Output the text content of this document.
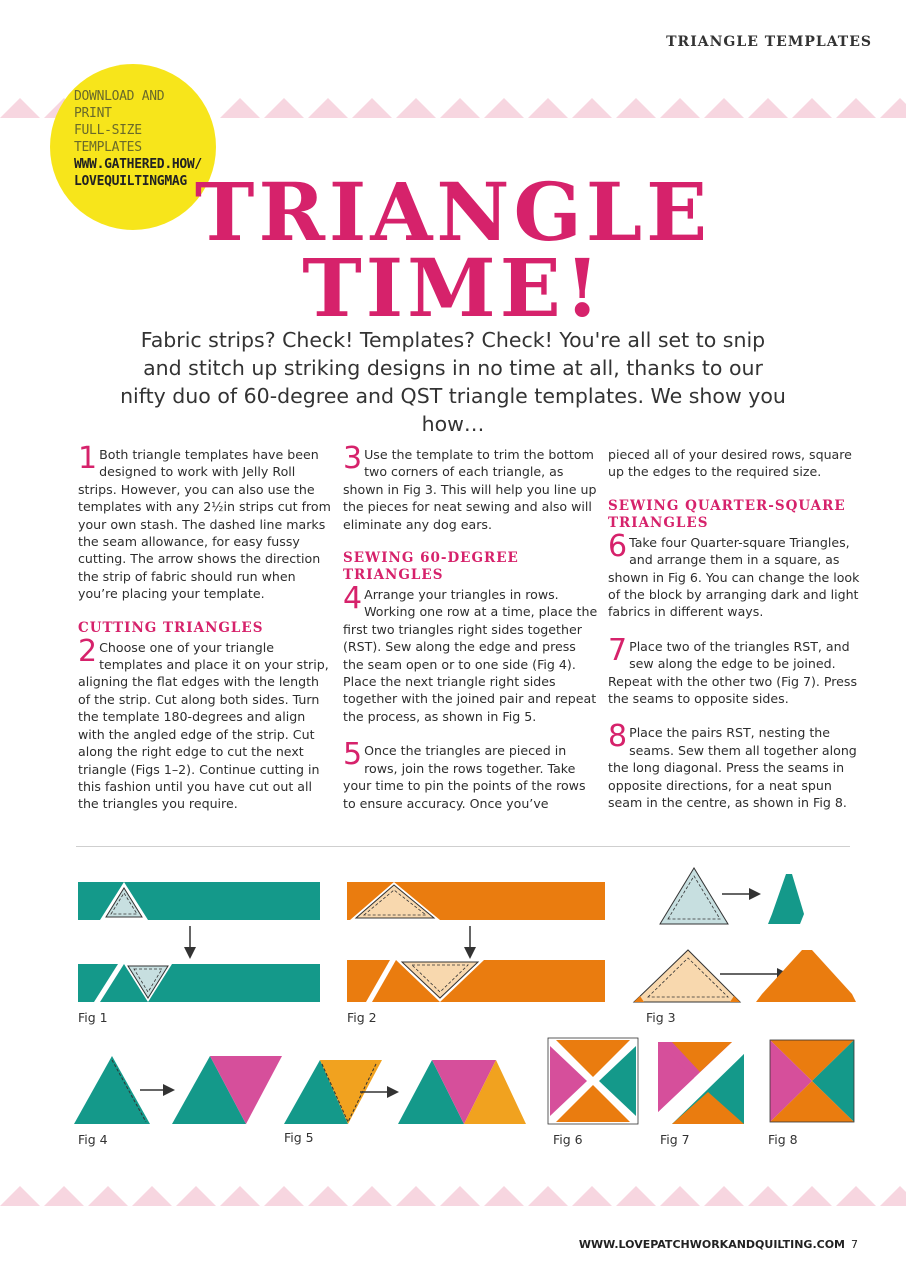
TRIANGLE TEMPLATES
DOWNLOAD AND PRINT
FULL-SIZE TEMPLATES
WWW.GATHERED.HOW/
LOVEQUILTINGMAG TRIANGLE
TIME!
Fabric strips? Check! Templates? Check! You're all set to snip and stitch up striking designs in no time at all, thanks to our nifty duo of 60-degree and QST triangle templates. We show you how…

1 Both triangle templates have been designed to work with Jelly Roll strips. However, you can also use the templates with any 2½in strips cut from your own stash. The dashed line marks the seam allowance, for easy fussy cutting. The arrow shows the direction the strip of fabric should run when you’re placing your template.

CUTTING TRIANGLES

2 Choose one of your triangle templates and place it on your strip, aligning the flat edges with the length of the strip. Cut along both sides. Turn the template 180-degrees and align with the angled edge of the strip. Cut along the right edge to cut the next triangle (Figs 1–2). Continue cutting in this fashion until you have cut out all the triangles you require.

3 Use the template to trim the bottom two corners of each triangle, as shown in Fig 3. This will help you line up the pieces for neat sewing and also will eliminate any dog ears.

SEWING 60-DEGREE TRIANGLES

4 Arrange your triangles in rows. Working one row at a time, place the first two triangles right sides together (RST). Sew along the edge and press the seam open or to one side (Fig 4). Place the next triangle right sides together with the joined pair and repeat the process, as shown in Fig 5.

5 Once the triangles are pieced in rows, join the rows together. Take your time to pin the points of the rows to ensure accuracy. Once you’ve

pieced all of your desired rows, square up the edges to the required size.

SEWING QUARTER-SQUARE TRIANGLES

6 Take four Quarter-square Triangles, and arrange them in a square, as shown in Fig 6. You can change the look of the block by arranging dark and light fabrics in different ways.

7 Place two of the triangles RST, and sew along the edge to be joined. Repeat with the other two (Fig 7). Press the seams to opposite sides.

8 Place the pairs RST, nesting the seams. Sew them all together along the long diagonal. Press the seams in opposite directions, for a neat spun seam in the centre, as shown in Fig 8.

Fig 1	Fig 2	Fig 3
Fig 4	Fig 5	Fig 6	Fig 7	Fig 8
WWW.LOVEPATCHWORKANDQUILTING.COM 7
